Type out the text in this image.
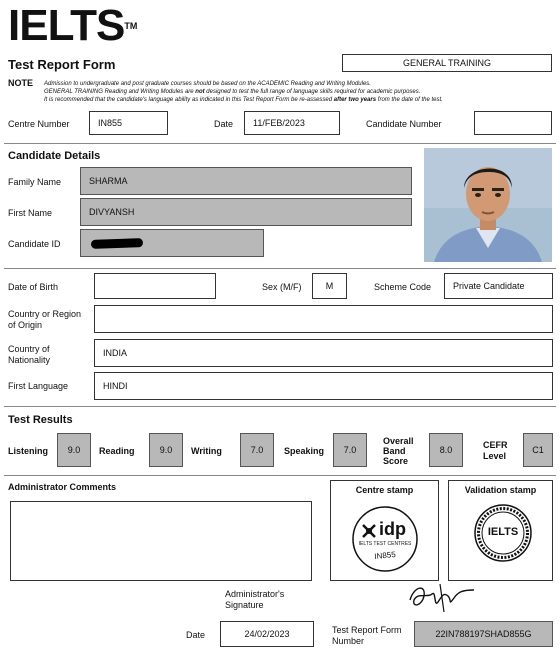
IELTS™
Test Report Form	GENERAL TRAINING
NOTE Admission to undergraduate and post graduate courses should be based on the ACADEMIC Reading and Writing Modules.
GENERAL TRAINING Reading and Writing Modules are not designed to test the full range of language skills required for academic purposes.
It is recommended that the candidate's language ability as indicated in this Test Report Form be re-assessed after two years from the date of the test.
Centre Number	IN855	Date	11/FEB/2023	Candidate Number
Candidate Details
Family Name	SHARMA
First Name	DIVYANSH
Candidate ID
Date of Birth	Sex (M/F)	M	Scheme Code	Private Candidate
Country or Region
of Origin
Country of
Nationality
INDIA
First Language	HINDI
Test Results
Listening	9.0	Reading	9.0	Writing	7.0	Speaking	7.0
Overall
Band
Score
8.0	CEFR
Level
C1
Administrator Comments	Centre stamp
idp
IELTS TEST CENTRES
IN855
Validation stamp
IELTS
Administrator's
Signature
Date	24/02/2023	Test Report Form
Number
22IN788197SHAD855G
